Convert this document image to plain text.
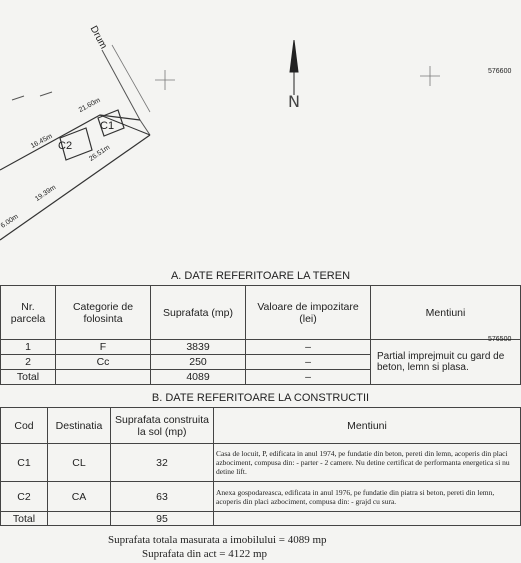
Drum
N
576600
C1
C2
21.60m
16.45m
26.51m
19.39m
6.00m
A. DATE REFERITOARE LA TEREN
Nr. parcela	Categorie de folosinta	Suprafata (mp)	Valoare de impozitare (lei)	Mentiuni
1	F	3839	–	Partial imprejmuit cu gard de beton, lemn si plasa.
2	Cc	250	–	
Total		4089	–	
576500
B. DATE REFERITOARE LA CONSTRUCTII
Cod	Destinatia	Suprafata construita la sol (mp)	Mentiuni
C1	CL	32	Casa de locuit, P, edificata in anul 1974, pe fundatie din beton, pereti din lemn, acoperis din placi azbociment, compusa din: - parter - 2 camere. Nu detine certificat de performanta energetica si nu detine lift.
C2	CA	63	Anexa gospodareasca, edificata in anul 1976, pe fundatie din piatra si beton, pereti din lemn, acoperis din placi azbociment, compusa din: - grajd cu sura.
Total		95	
Suprafata totala masurata a imobilului = 4089 mp
Suprafata din act = 4122 mp
